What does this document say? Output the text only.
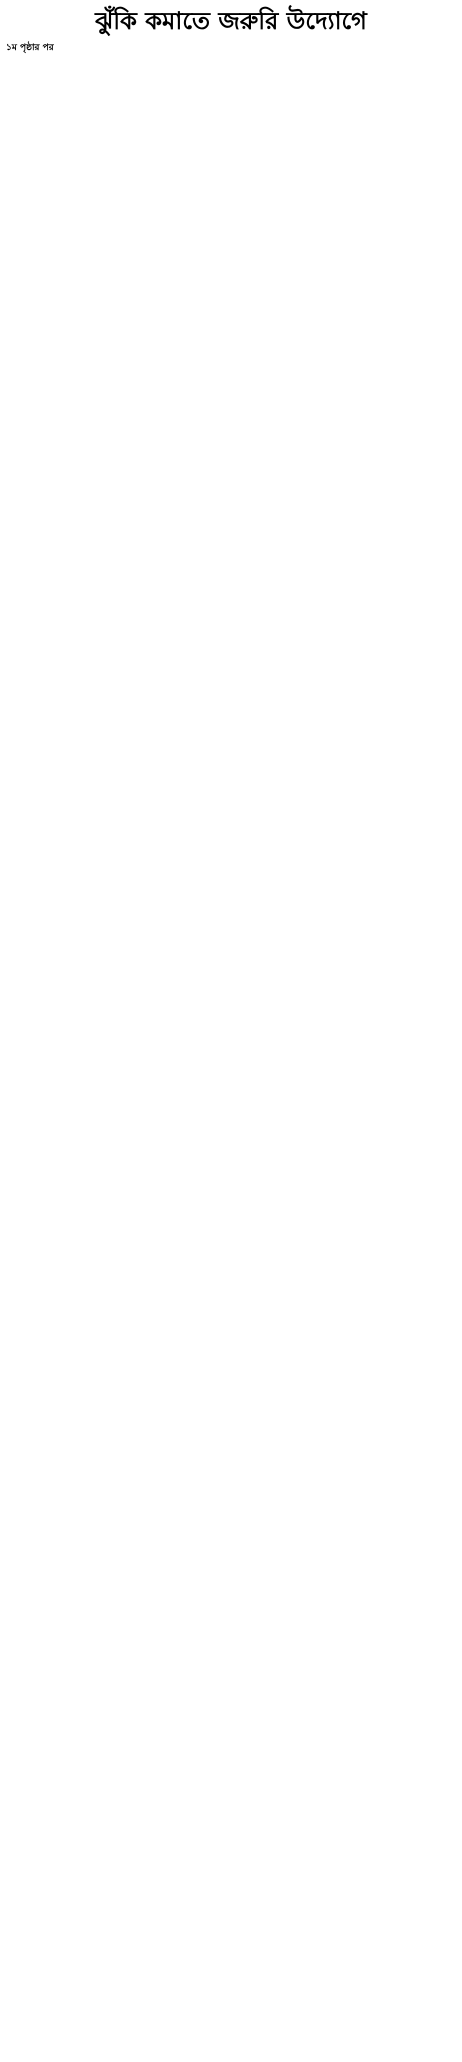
ঝুঁকি কমাতে জরুরি উদ্যোগে
১ম পৃষ্ঠার পর
